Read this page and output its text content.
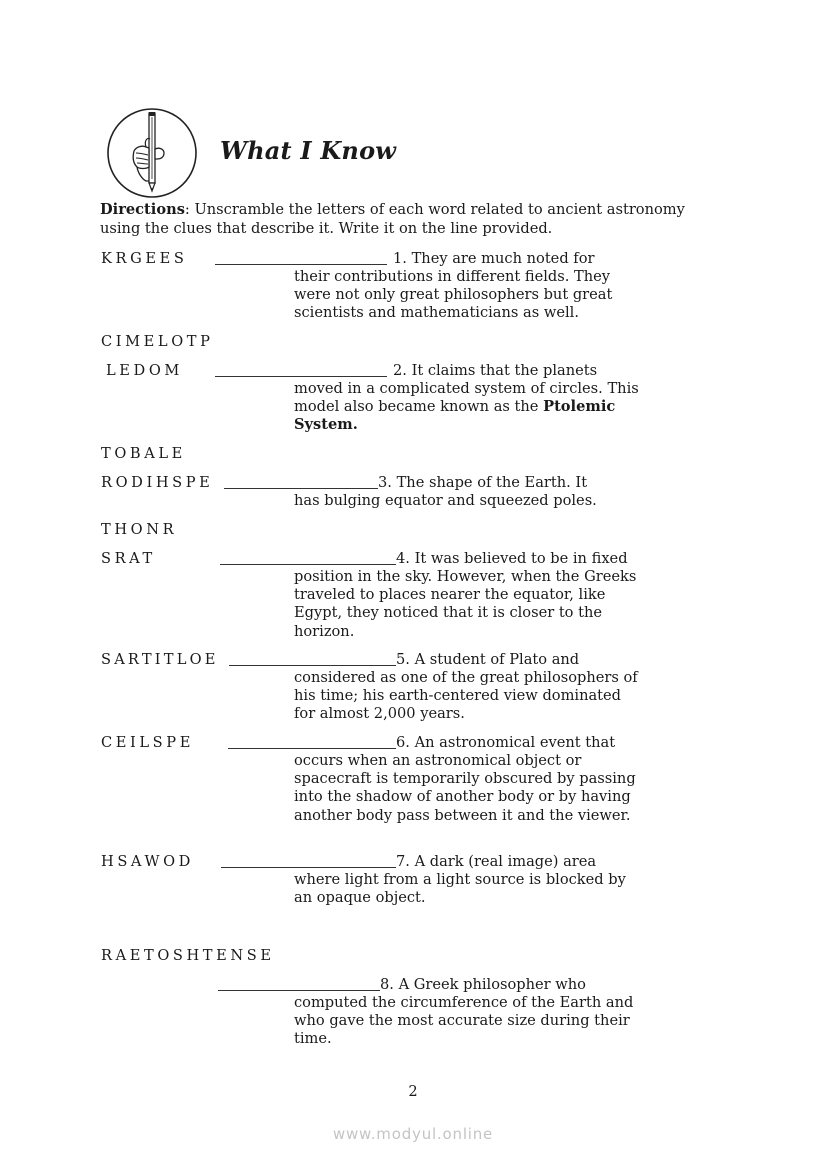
What I Know
Directions: Unscramble the letters of each word related to ancient astronomy using the clues that describe it. Write it on the line provided.
KRGEES	1. They are much noted for
their contributions in different fields. They were not only great philosophers but great scientists and mathematicians as well.
CIMELOTP
LEDOM	2. It claims that the planets
moved in a complicated system of circles. This model also became known as the Ptolemic System.
TOBALE
RODIHSPE	3. The shape of the Earth. It
has bulging equator and squeezed poles.
THONR
SRAT	4. It was believed to be in fixed
position in the sky. However, when the Greeks traveled to places nearer the equator, like Egypt, they noticed that it is closer to the horizon.
SARTITLOE	5. A student of Plato and
considered as one of the great philosophers of his time; his earth-centered view dominated for almost 2,000 years.
CEILSPE	6. An astronomical event that
occurs when an astronomical object or spacecraft is temporarily obscured by passing into the shadow of another body or by having another body pass between it and the viewer.
HSAWOD	7. A dark (real image) area
where light from a light source is blocked by an opaque object.
RAETOSHTENSE
8. A Greek philosopher who
computed the circumference of the Earth and who gave the most accurate size during their time.
2
www.modyul.online
